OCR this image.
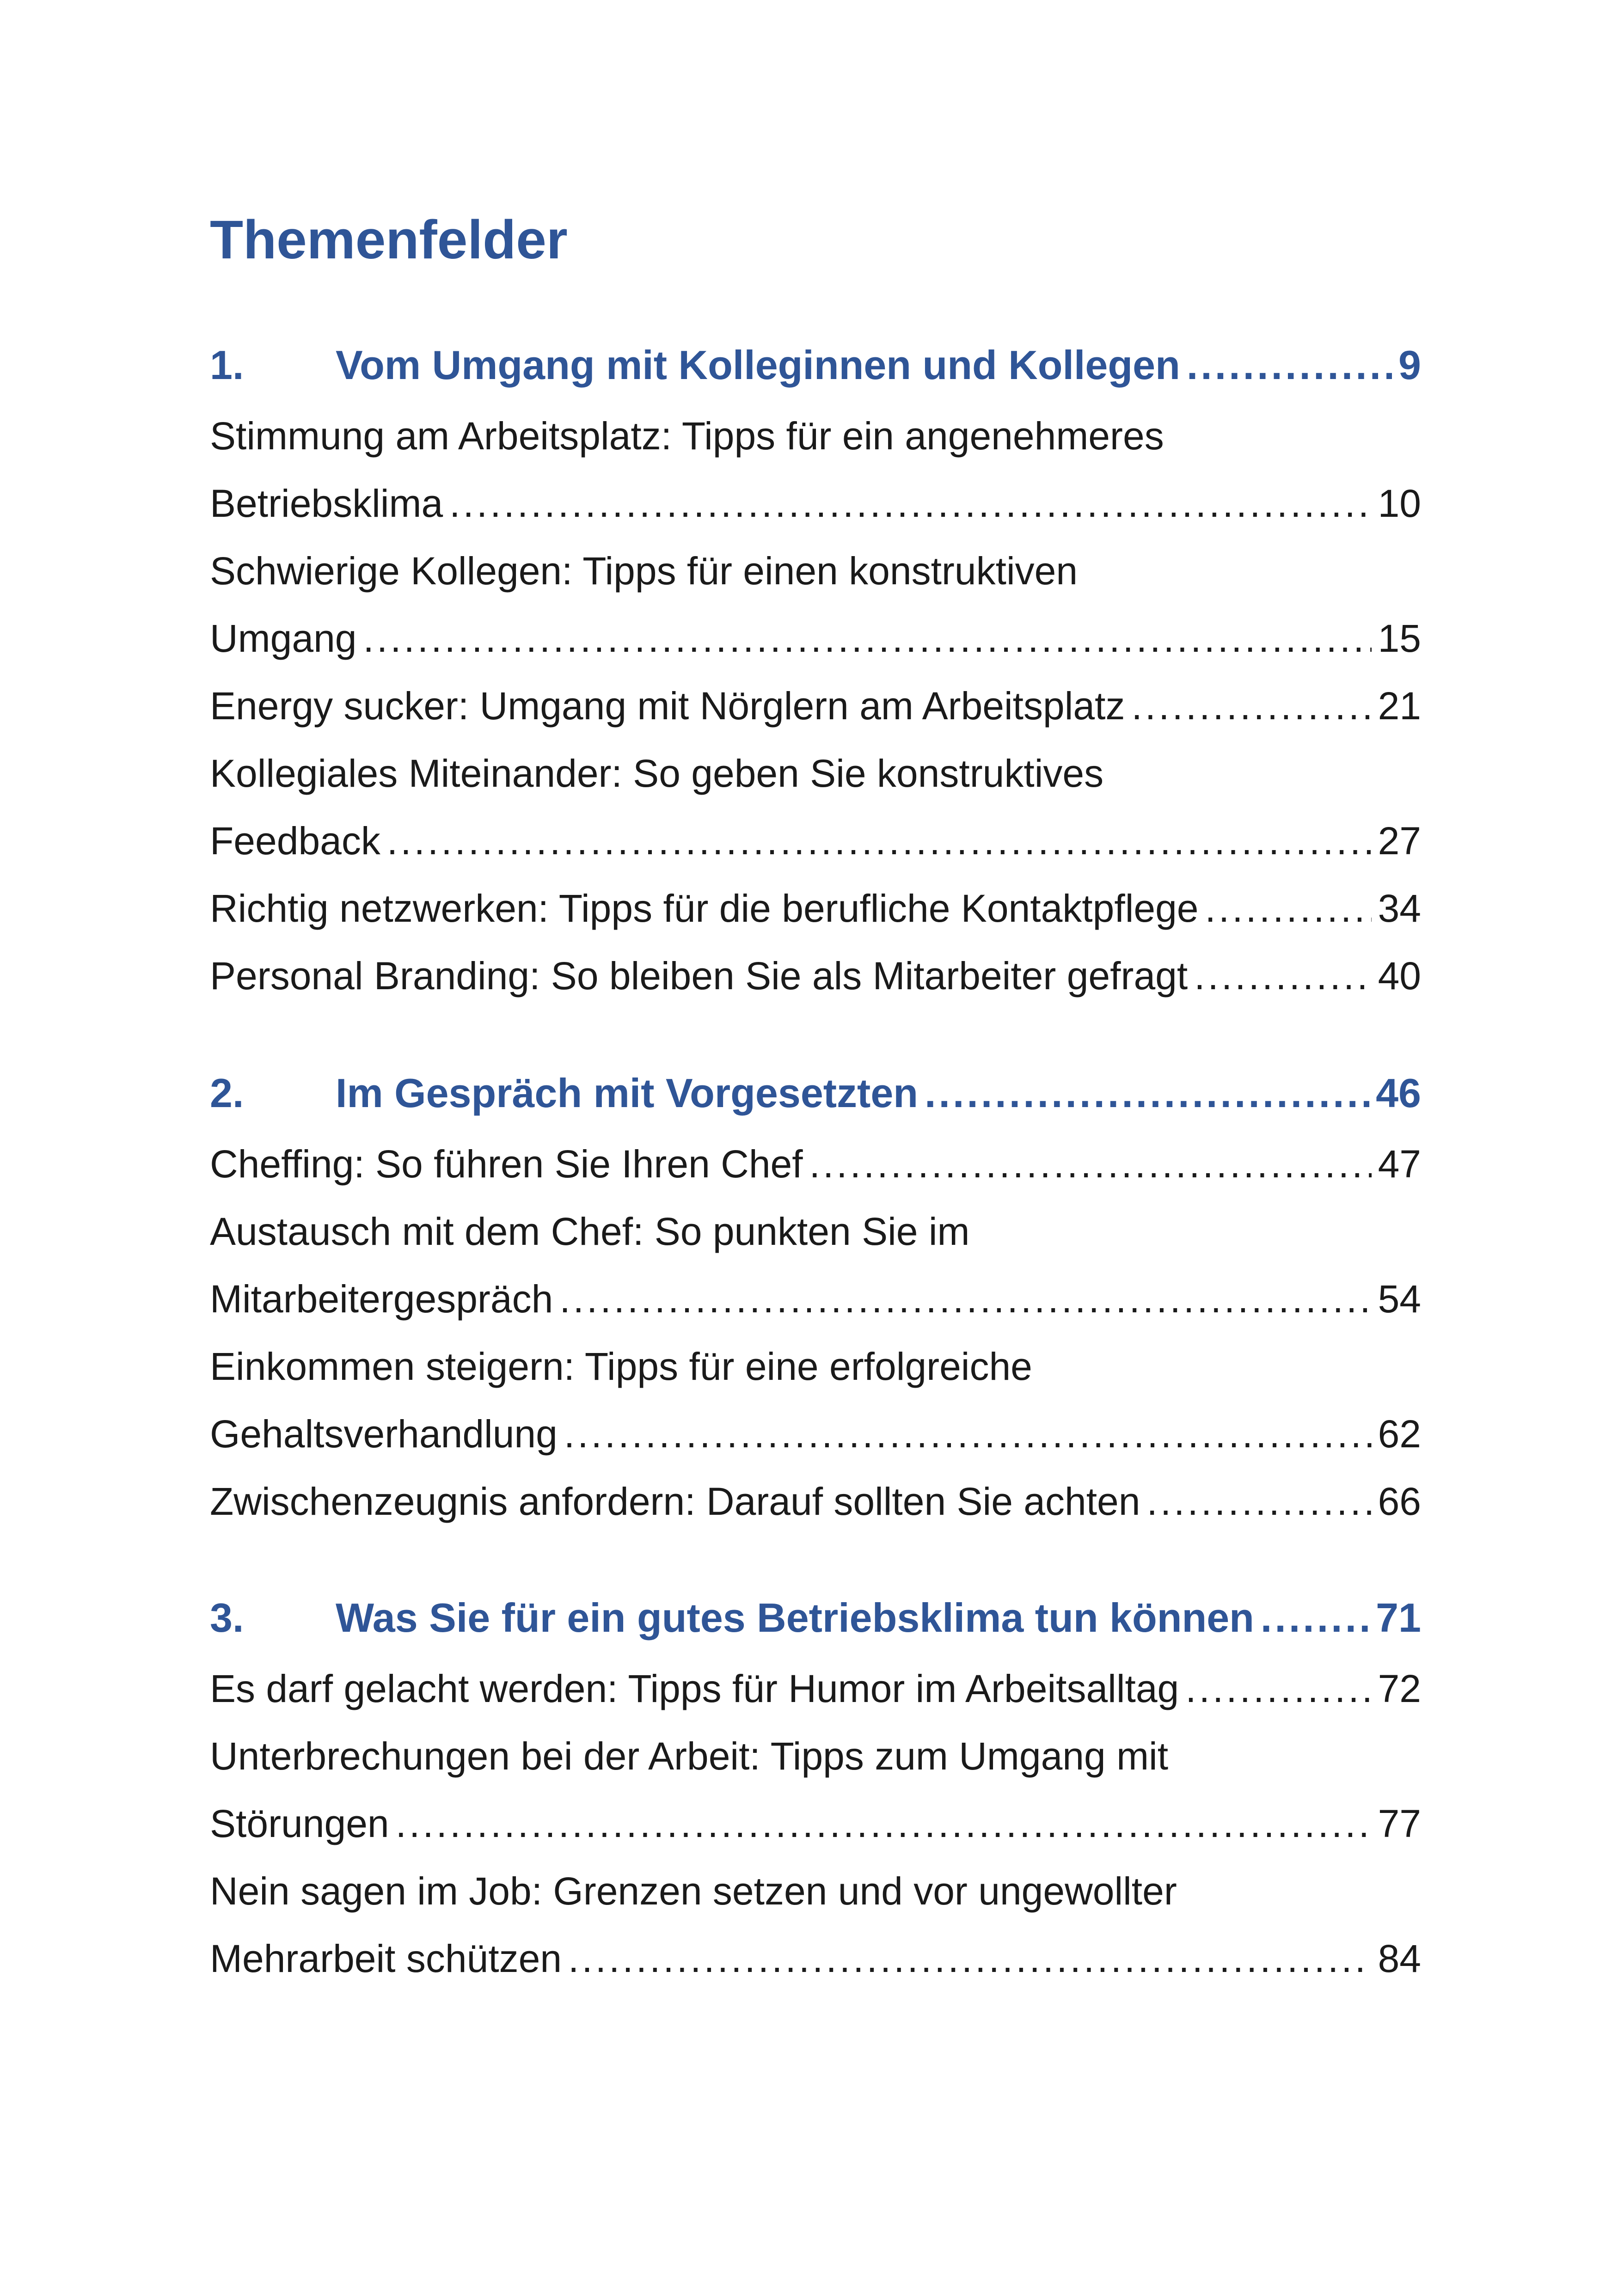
Themenfelder
1.	Vom Umgang mit Kolleginnen und Kollegen .....	9
Stimmung am Arbeitsplatz: Tipps für ein angenehmeres
Betriebsklima .....	10
Schwierige Kollegen: Tipps für einen konstruktiven
Umgang .....	15
Energy sucker: Umgang mit Nörglern am Arbeitsplatz .....	21
Kollegiales Miteinander: So geben Sie konstruktives
Feedback .....	27
Richtig netzwerken: Tipps für die berufliche Kontaktpflege .....	34
Personal Branding: So bleiben Sie als Mitarbeiter gefragt .....	40
2.	Im Gespräch mit Vorgesetzten .....	46
Cheffing: So führen Sie Ihren Chef .....	47
Austausch mit dem Chef: So punkten Sie im
Mitarbeitergespräch .....	54
Einkommen steigern: Tipps für eine erfolgreiche
Gehaltsverhandlung .....	62
Zwischenzeugnis anfordern: Darauf sollten Sie achten .....	66
3.	Was Sie für ein gutes Betriebsklima tun können .....	71
Es darf gelacht werden: Tipps für Humor im Arbeitsalltag .....	72
Unterbrechungen bei der Arbeit: Tipps zum Umgang mit
Störungen .....	77
Nein sagen im Job: Grenzen setzen und vor ungewollter
Mehrarbeit schützen .....	84
